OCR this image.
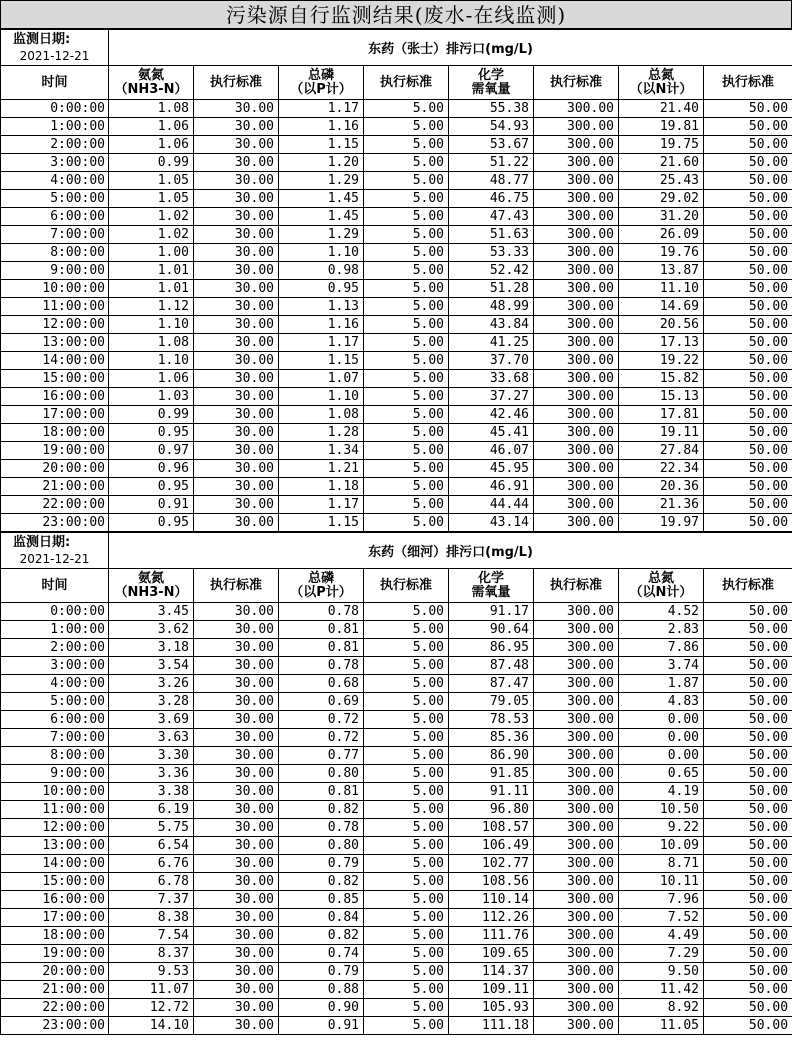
污染源自行监测结果(废水-在线监测)
监测日期:
2021-12-21	东药（张士）排污口(mg/L)							

时间	氨氮
（NH3-N）	执行标准	总磷
（以P计）	执行标准	化学
需氧量	执行标准	总氮
（以N计）	执行标准

0:00:00	1.08	30.00	1.17	5.00	55.38	300.00	21.40	50.00
1:00:00	1.06	30.00	1.16	5.00	54.93	300.00	19.81	50.00
2:00:00	1.06	30.00	1.15	5.00	53.67	300.00	19.75	50.00
3:00:00	0.99	30.00	1.20	5.00	51.22	300.00	21.60	50.00
4:00:00	1.05	30.00	1.29	5.00	48.77	300.00	25.43	50.00
5:00:00	1.05	30.00	1.45	5.00	46.75	300.00	29.02	50.00
6:00:00	1.02	30.00	1.45	5.00	47.43	300.00	31.20	50.00
7:00:00	1.02	30.00	1.29	5.00	51.63	300.00	26.09	50.00
8:00:00	1.00	30.00	1.10	5.00	53.33	300.00	19.76	50.00
9:00:00	1.01	30.00	0.98	5.00	52.42	300.00	13.87	50.00
10:00:00	1.01	30.00	0.95	5.00	51.28	300.00	11.10	50.00
11:00:00	1.12	30.00	1.13	5.00	48.99	300.00	14.69	50.00
12:00:00	1.10	30.00	1.16	5.00	43.84	300.00	20.56	50.00
13:00:00	1.08	30.00	1.17	5.00	41.25	300.00	17.13	50.00
14:00:00	1.10	30.00	1.15	5.00	37.70	300.00	19.22	50.00
15:00:00	1.06	30.00	1.07	5.00	33.68	300.00	15.82	50.00
16:00:00	1.03	30.00	1.10	5.00	37.27	300.00	15.13	50.00
17:00:00	0.99	30.00	1.08	5.00	42.46	300.00	17.81	50.00
18:00:00	0.95	30.00	1.28	5.00	45.41	300.00	19.11	50.00
19:00:00	0.97	30.00	1.34	5.00	46.07	300.00	27.84	50.00
20:00:00	0.96	30.00	1.21	5.00	45.95	300.00	22.34	50.00
21:00:00	0.95	30.00	1.18	5.00	46.91	300.00	20.36	50.00
22:00:00	0.91	30.00	1.17	5.00	44.44	300.00	21.36	50.00
23:00:00	0.95	30.00	1.15	5.00	43.14	300.00	19.97	50.00
监测日期:
2021-12-21	东药（细河）排污口(mg/L)							

时间	氨氮
（NH3-N）	执行标准	总磷
（以P计）	执行标准	化学
需氧量	执行标准	总氮
（以N计）	执行标准

0:00:00	3.45	30.00	0.78	5.00	91.17	300.00	4.52	50.00
1:00:00	3.62	30.00	0.81	5.00	90.64	300.00	2.83	50.00
2:00:00	3.18	30.00	0.81	5.00	86.95	300.00	7.86	50.00
3:00:00	3.54	30.00	0.78	5.00	87.48	300.00	3.74	50.00
4:00:00	3.26	30.00	0.68	5.00	87.47	300.00	1.87	50.00
5:00:00	3.28	30.00	0.69	5.00	79.05	300.00	4.83	50.00
6:00:00	3.69	30.00	0.72	5.00	78.53	300.00	0.00	50.00
7:00:00	3.63	30.00	0.72	5.00	85.36	300.00	0.00	50.00
8:00:00	3.30	30.00	0.77	5.00	86.90	300.00	0.00	50.00
9:00:00	3.36	30.00	0.80	5.00	91.85	300.00	0.65	50.00
10:00:00	3.38	30.00	0.81	5.00	91.11	300.00	4.19	50.00
11:00:00	6.19	30.00	0.82	5.00	96.80	300.00	10.50	50.00
12:00:00	5.75	30.00	0.78	5.00	108.57	300.00	9.22	50.00
13:00:00	6.54	30.00	0.80	5.00	106.49	300.00	10.09	50.00
14:00:00	6.76	30.00	0.79	5.00	102.77	300.00	8.71	50.00
15:00:00	6.78	30.00	0.82	5.00	108.56	300.00	10.11	50.00
16:00:00	7.37	30.00	0.85	5.00	110.14	300.00	7.96	50.00
17:00:00	8.38	30.00	0.84	5.00	112.26	300.00	7.52	50.00
18:00:00	7.54	30.00	0.82	5.00	111.76	300.00	4.49	50.00
19:00:00	8.37	30.00	0.74	5.00	109.65	300.00	7.29	50.00
20:00:00	9.53	30.00	0.79	5.00	114.37	300.00	9.50	50.00
21:00:00	11.07	30.00	0.88	5.00	109.11	300.00	11.42	50.00
22:00:00	12.72	30.00	0.90	5.00	105.93	300.00	8.92	50.00
23:00:00	14.10	30.00	0.91	5.00	111.18	300.00	11.05	50.00
